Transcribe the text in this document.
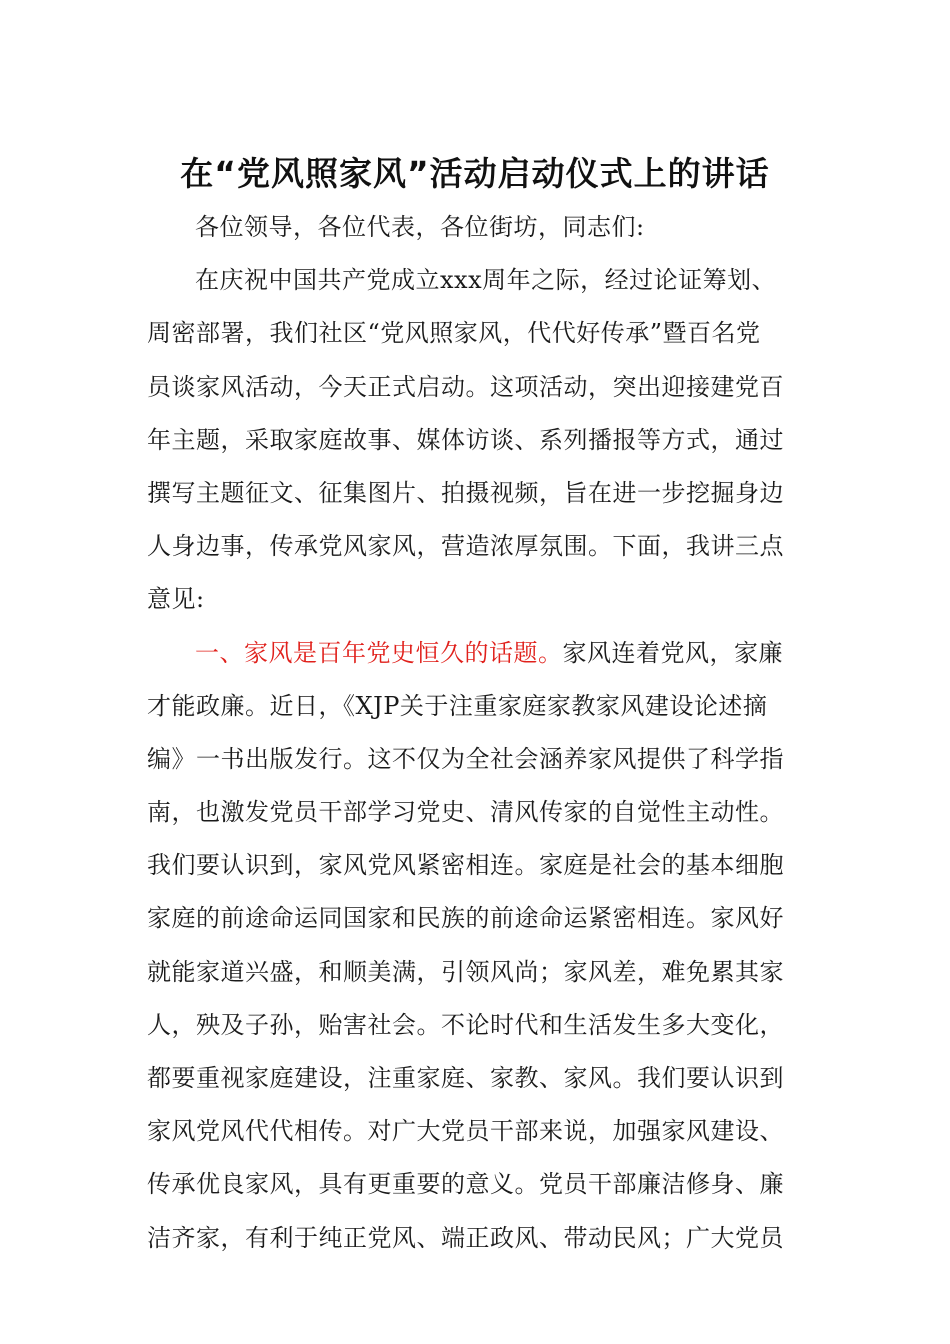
在“党风照家风”活动启动仪式上的讲话
各位领导，各位代表，各位街坊，同志们:
在庆祝中国共产党成立xxx周年之际，经过论证筹划、
周密部署，我们社区“党风照家风，代代好传承”暨百名党
员谈家风活动，今天正式启动。这项活动，突出迎接建党百
年主题，采取家庭故事、媒体访谈、系列播报等方式，通过
撰写主题征文、征集图片、拍摄视频，旨在进一步挖掘身边
人身边事，传承党风家风，营造浓厚氛围。下面，我讲三点
意见:
一、家风是百年党史恒久的话题。家风连着党风，家廉
才能政廉。近日，《XJP关于注重家庭家教家风建设论述摘
编》一书出版发行。这不仅为全社会涵养家风提供了科学指
南，也激发党员干部学习党史、清风传家的自觉性主动性。
我们要认识到，家风党风紧密相连。家庭是社会的基本细胞
家庭的前途命运同国家和民族的前途命运紧密相连。家风好
就能家道兴盛，和顺美满，引领风尚；家风差，难免累其家
人，殃及子孙，贻害社会。不论时代和生活发生多大变化，
都要重视家庭建设，注重家庭、家教、家风。我们要认识到
家风党风代代相传。对广大党员干部来说，加强家风建设、
传承优良家风，具有更重要的意义。党员干部廉洁修身、廉
洁齐家，有利于纯正党风、端正政风、带动民风；广大党员
